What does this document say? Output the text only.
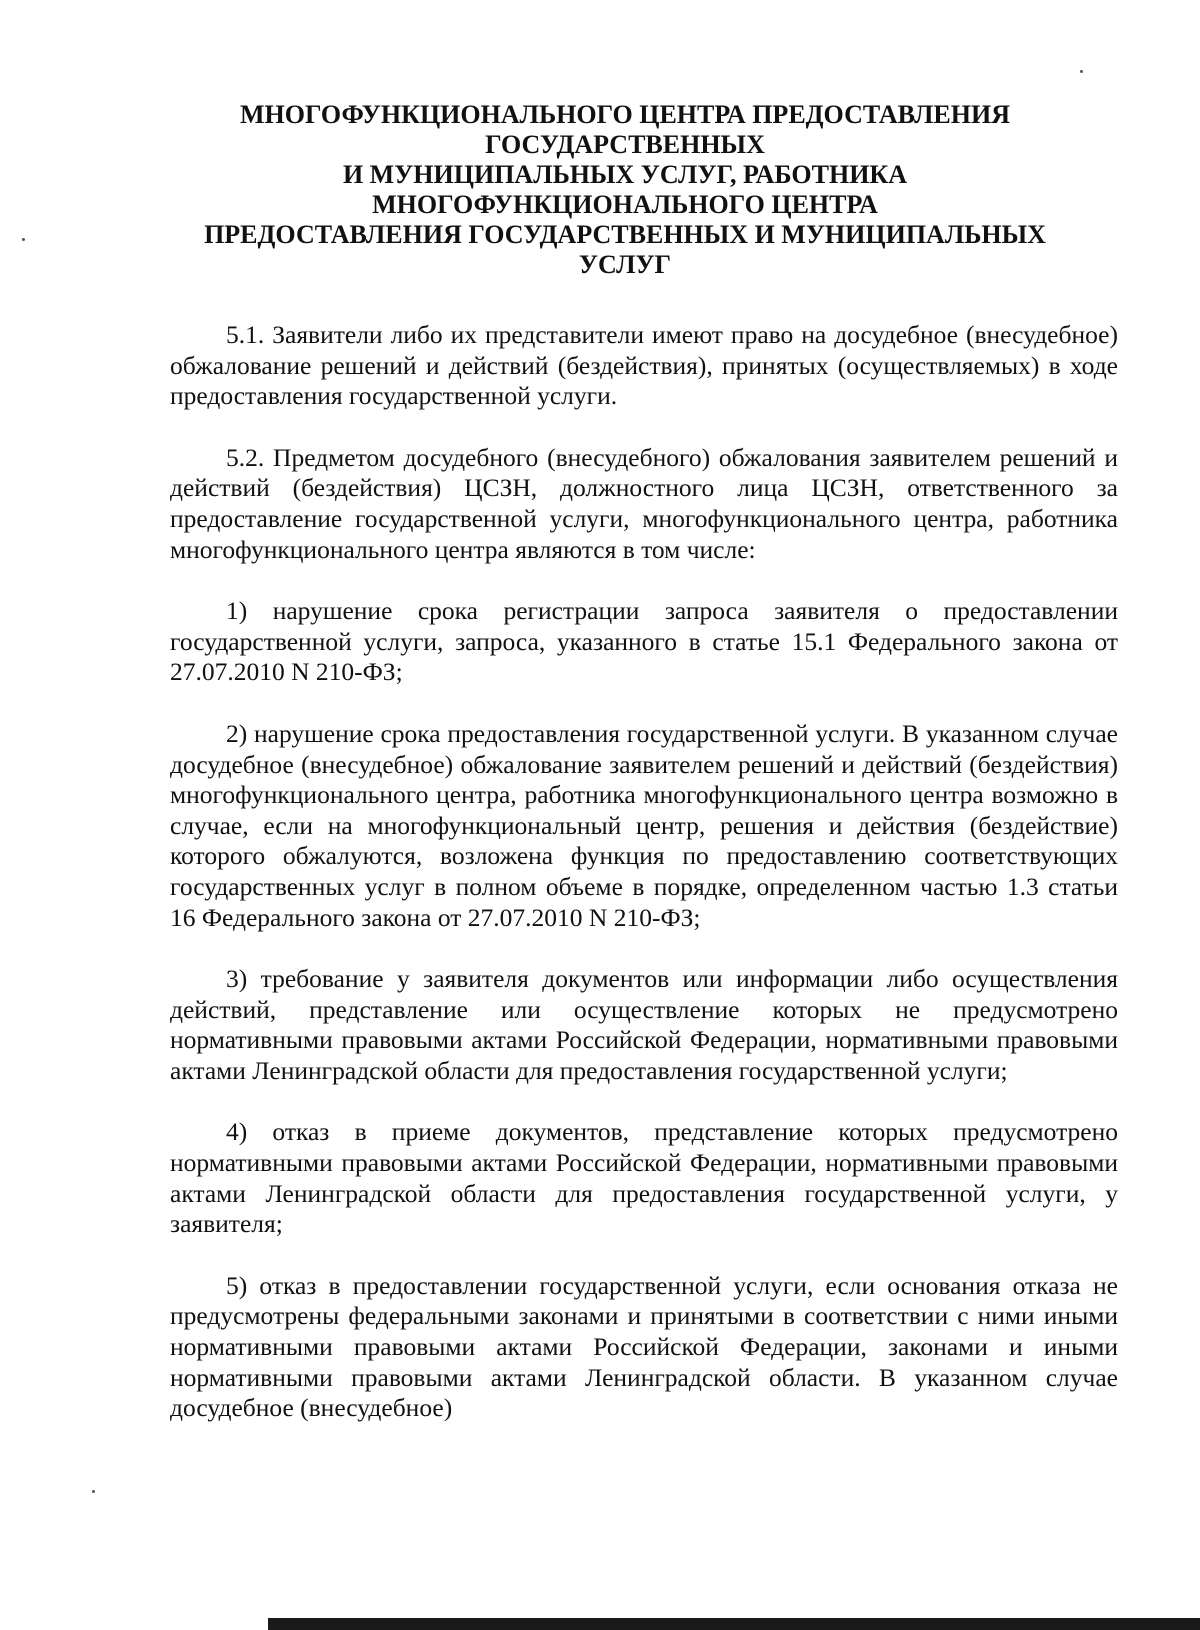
МНОГОФУНКЦИОНАЛЬНОГО ЦЕНТРА ПРЕДОСТАВЛЕНИЯ
ГОСУДАРСТВЕННЫХ
И МУНИЦИПАЛЬНЫХ УСЛУГ, РАБОТНИКА
МНОГОФУНКЦИОНАЛЬНОГО ЦЕНТРА
ПРЕДОСТАВЛЕНИЯ ГОСУДАРСТВЕННЫХ И МУНИЦИПАЛЬНЫХ
УСЛУГ

5.1. Заявители либо их представители имеют право на досудебное (внесудебное) обжалование решений и действий (бездействия), принятых (осуществляемых) в ходе предоставления государственной услуги.

5.2. Предметом досудебного (внесудебного) обжалования заявителем решений и действий (бездействия) ЦСЗН, должностного лица ЦСЗН, ответственного за предоставление государственной услуги, многофункционального центра, работника многофункционального центра являются в том числе:

1) нарушение срока регистрации запроса заявителя о предоставлении государственной услуги, запроса, указанного в статье 15.1 Федерального закона от 27.07.2010 N 210-ФЗ;

2) нарушение срока предоставления государственной услуги. В указанном случае досудебное (внесудебное) обжалование заявителем решений и действий (бездействия) многофункционального центра, работника многофункционального центра возможно в случае, если на многофункциональный центр, решения и действия (бездействие) которого обжалуются, возложена функция по предоставлению соответствующих государственных услуг в полном объеме в порядке, определенном частью 1.3 статьи 16 Федерального закона от 27.07.2010 N 210-ФЗ;

3) требование у заявителя документов или информации либо осуществления действий, представление или осуществление которых не предусмотрено нормативными правовыми актами Российской Федерации, нормативными правовыми актами Ленинградской области для предоставления государственной услуги;

4) отказ в приеме документов, представление которых предусмотрено нормативными правовыми актами Российской Федерации, нормативными правовыми актами Ленинградской области для предоставления государственной услуги, у заявителя;

5) отказ в предоставлении государственной услуги, если основания отказа не предусмотрены федеральными законами и принятыми в соответствии с ними иными нормативными правовыми актами Российской Федерации, законами и иными нормативными правовыми актами Ленинградской области. В указанном случае досудебное (внесудебное)
